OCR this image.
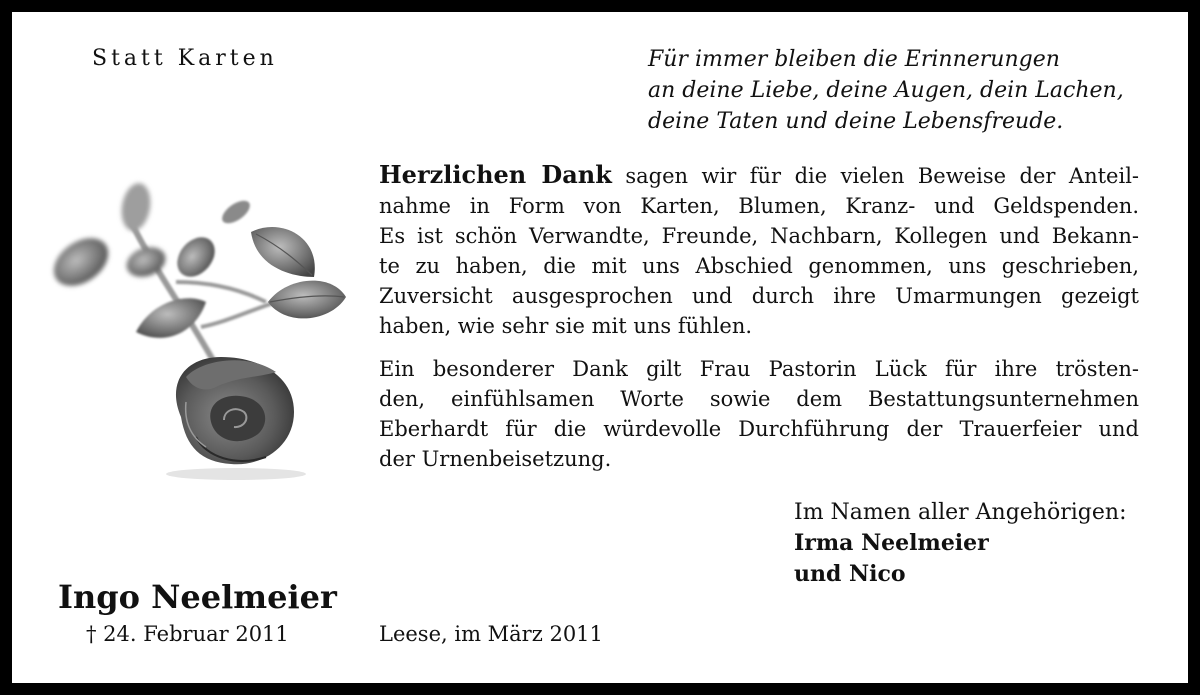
Statt Karten	Für immer bleiben die Erinnerungen
an deine Liebe, deine Augen, dein Lachen,
deine Taten und deine Lebensfreude.

Herzlichen Dank sagen wir für die vielen Beweise der Anteil-
nahme in Form von Karten, Blumen, Kranz- und Geldspenden.
Es ist schön Verwandte, Freunde, Nachbarn, Kollegen und Bekann-
te zu haben, die mit uns Abschied genommen, uns geschrieben,
Zuversicht ausgesprochen und durch ihre Umarmungen gezeigt
haben, wie sehr sie mit uns fühlen.

Ein besonderer Dank gilt Frau Pastorin Lück für ihre trösten-
den, einfühlsamen Worte sowie dem Bestattungsunternehmen
Eberhardt für die würdevolle Durchführung der Trauerfeier und
der Urnenbeisetzung.

Im Namen aller Angehörigen:
Irma Neelmeier
und Nico
Ingo Neelmeier
† 24. Februar 2011	Leese, im März 2011
